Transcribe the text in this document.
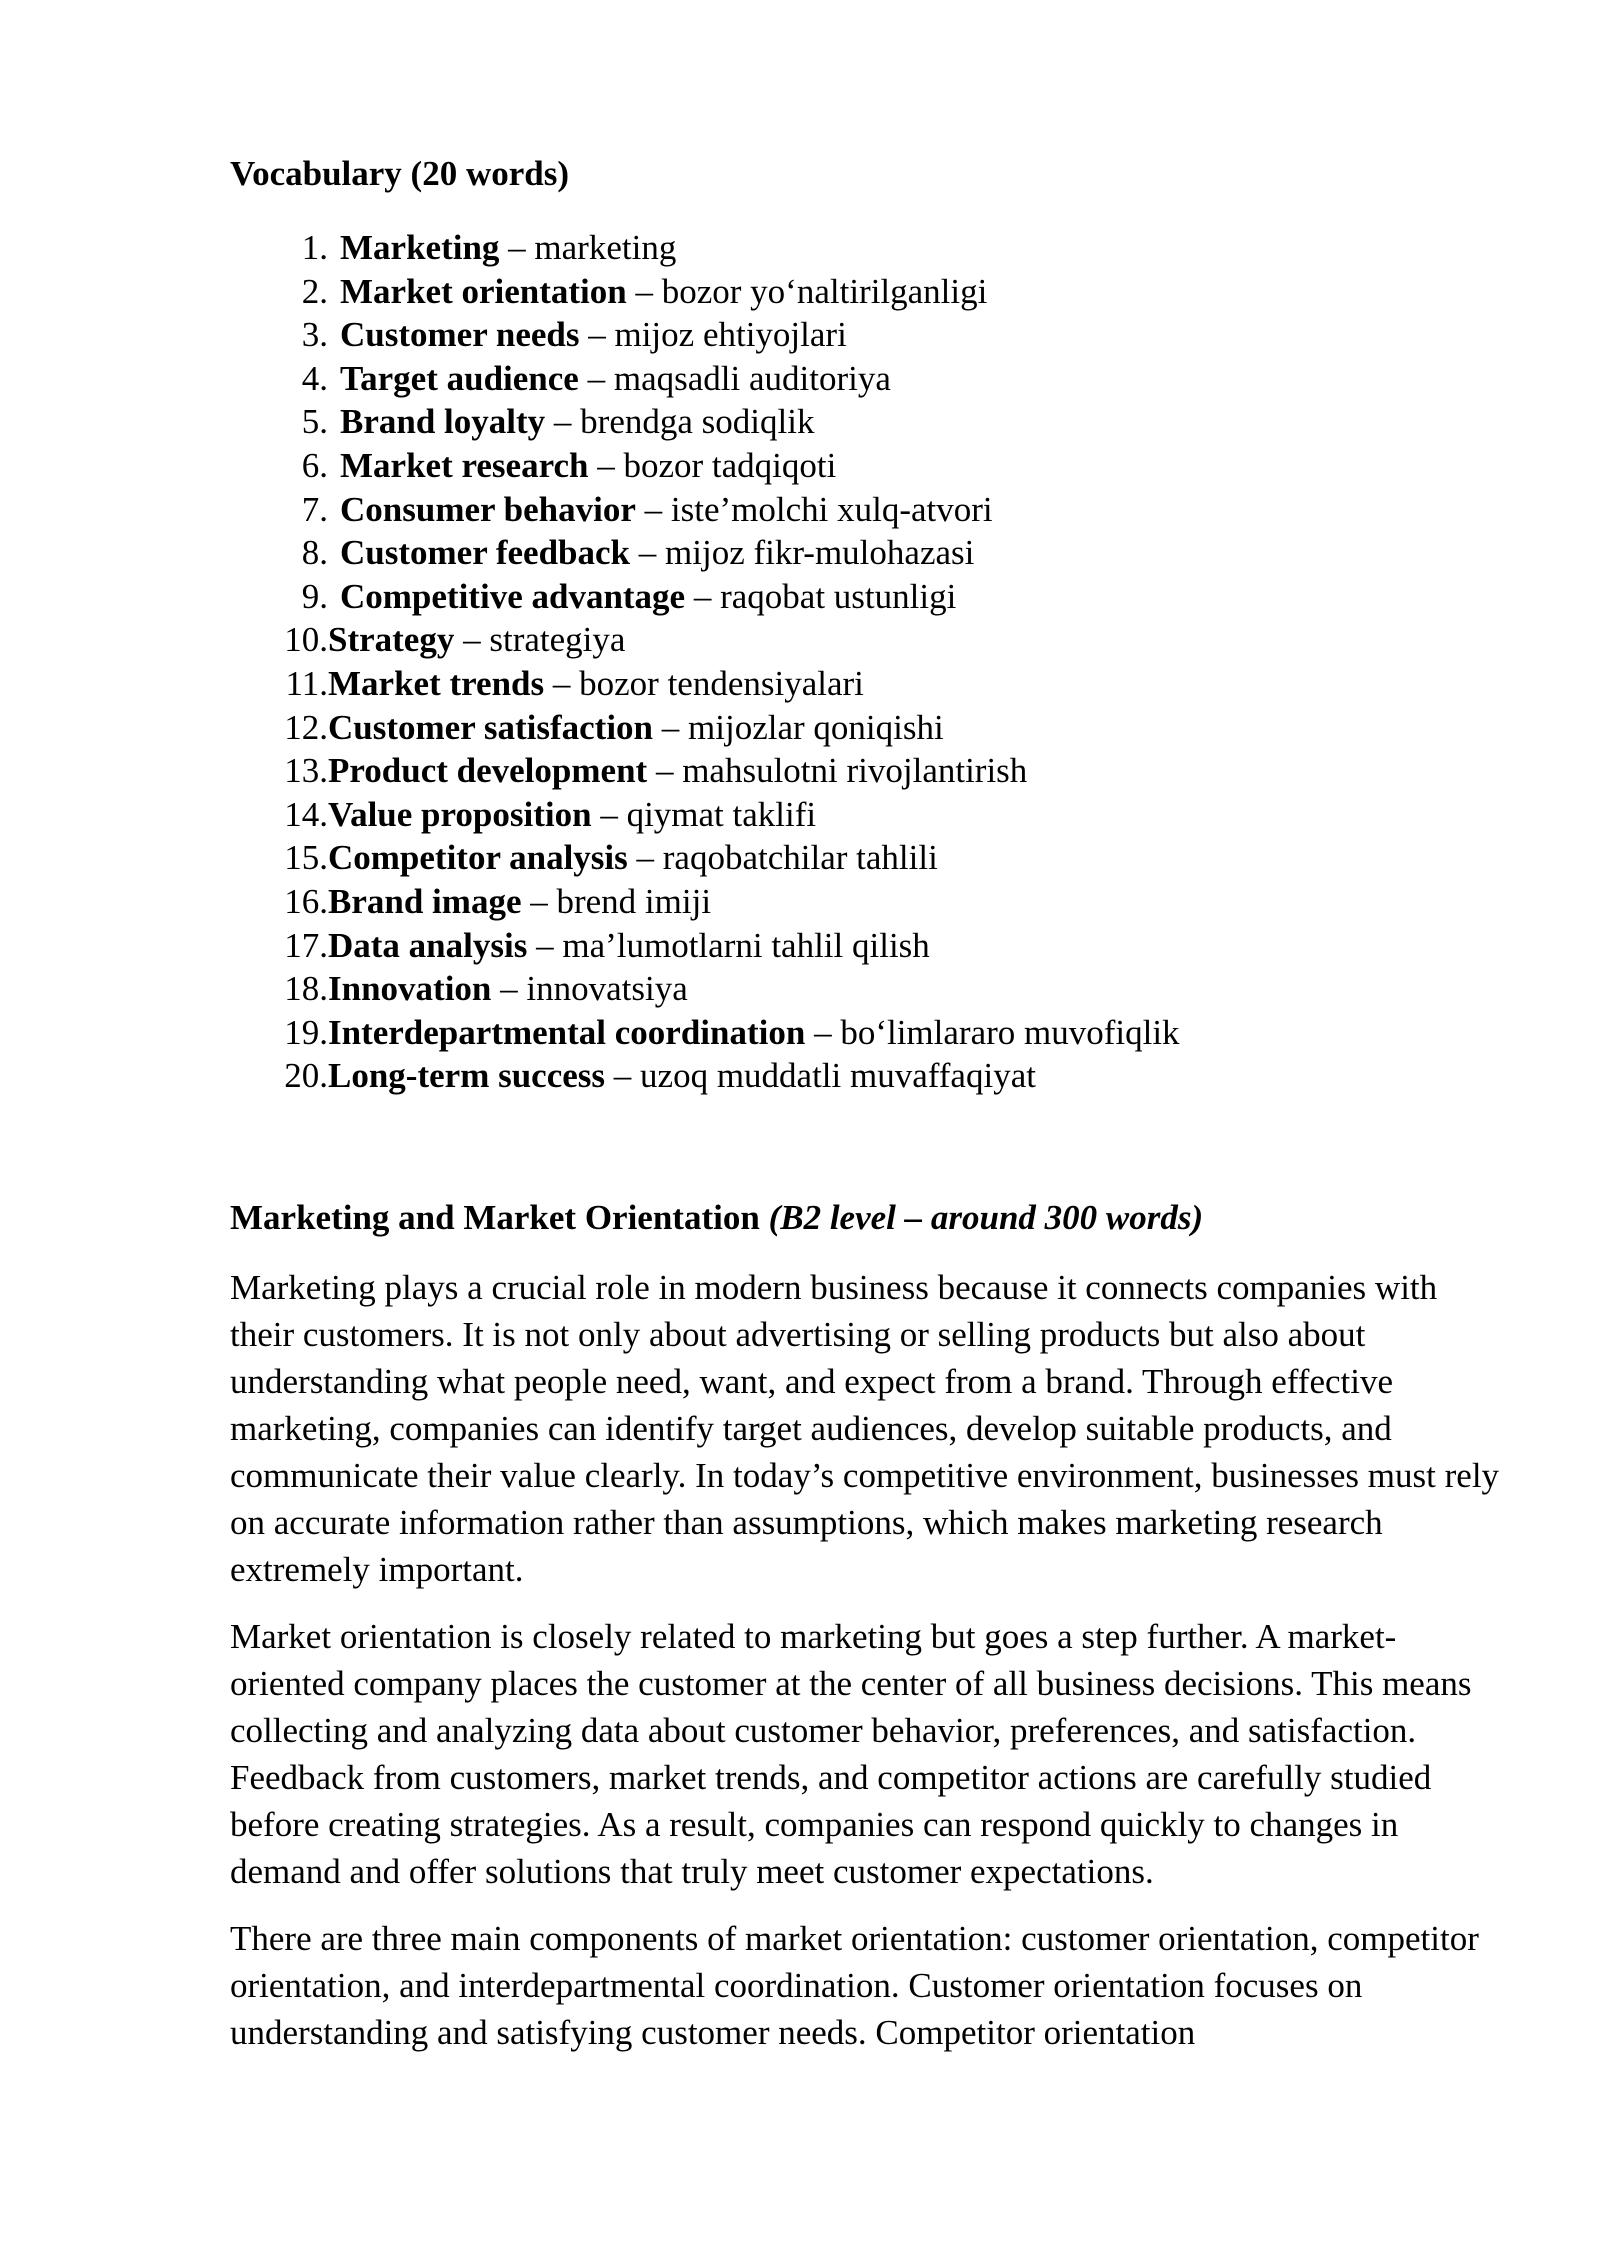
Vocabulary (20 words)
1. Marketing – marketing
2. Market orientation – bozor yo‘naltirilganligi
3. Customer needs – mijoz ehtiyojlari
4. Target audience – maqsadli auditoriya
5. Brand loyalty – brendga sodiqlik
6. Market research – bozor tadqiqoti
7. Consumer behavior – iste’molchi xulq-atvori
8. Customer feedback – mijoz fikr-mulohazasi
9. Competitive advantage – raqobat ustunligi
10. Strategy – strategiya
11. Market trends – bozor tendensiyalari
12. Customer satisfaction – mijozlar qoniqishi
13. Product development – mahsulotni rivojlantirish
14. Value proposition – qiymat taklifi
15. Competitor analysis – raqobatchilar tahlili
16. Brand image – brend imiji
17. Data analysis – ma’lumotlarni tahlil qilish
18. Innovation – innovatsiya
19. Interdepartmental coordination – bo‘limlararo muvofiqlik
20. Long-term success – uzoq muddatli muvaffaqiyat
Marketing and Market Orientation (B2 level – around 300 words)

Marketing plays a crucial role in modern business because it connects companies with their customers. It is not only about advertising or selling products but also about understanding what people need, want, and expect from a brand. Through effective marketing, companies can identify target audiences, develop suitable products, and communicate their value clearly. In today’s competitive environment, businesses must rely on accurate information rather than assumptions, which makes marketing research extremely important.

Market orientation is closely related to marketing but goes a step further. A market-oriented company places the customer at the center of all business decisions. This means collecting and analyzing data about customer behavior, preferences, and satisfaction. Feedback from customers, market trends, and competitor actions are carefully studied before creating strategies. As a result, companies can respond quickly to changes in demand and offer solutions that truly meet customer expectations.

There are three main components of market orientation: customer orientation, competitor orientation, and interdepartmental coordination. Customer orientation focuses on understanding and satisfying customer needs. Competitor orientation
